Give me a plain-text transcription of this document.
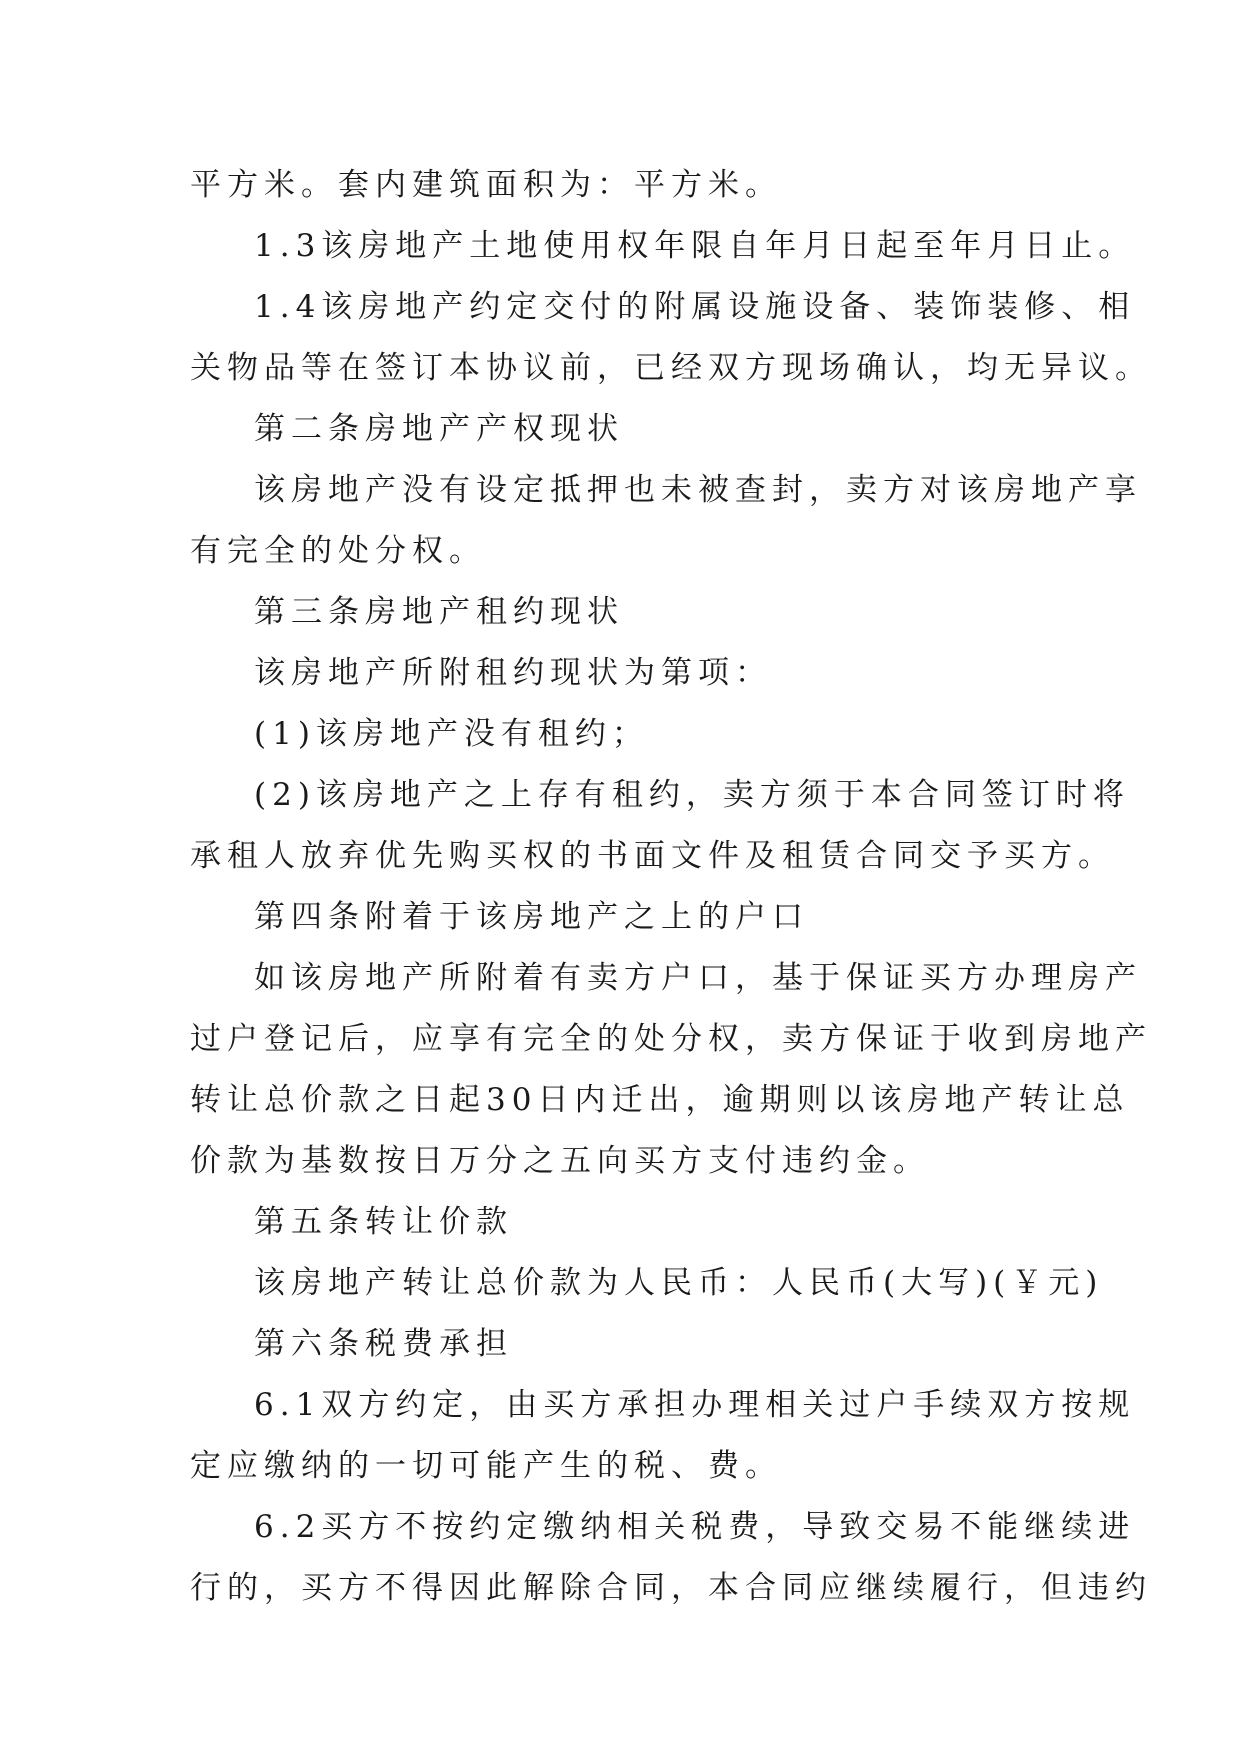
平方米。套内建筑面积为：平方米。
1.3该房地产土地使用权年限自年月日起至年月日止。
1.4该房地产约定交付的附属设施设备、装饰装修、相
关物品等在签订本协议前，已经双方现场确认，均无异议。
第二条房地产产权现状
该房地产没有设定抵押也未被查封，卖方对该房地产享
有完全的处分权。
第三条房地产租约现状
该房地产所附租约现状为第项：
(1)该房地产没有租约；
(2)该房地产之上存有租约，卖方须于本合同签订时将
承租人放弃优先购买权的书面文件及租赁合同交予买方。
第四条附着于该房地产之上的户口
如该房地产所附着有卖方户口，基于保证买方办理房产
过户登记后，应享有完全的处分权，卖方保证于收到房地产
转让总价款之日起30日内迁出，逾期则以该房地产转让总
价款为基数按日万分之五向买方支付违约金。
第五条转让价款
该房地产转让总价款为人民币：人民币(大写)(￥元)
第六条税费承担
6.1双方约定，由买方承担办理相关过户手续双方按规
定应缴纳的一切可能产生的税、费。
6.2买方不按约定缴纳相关税费，导致交易不能继续进
行的，买方不得因此解除合同，本合同应继续履行，但违约
